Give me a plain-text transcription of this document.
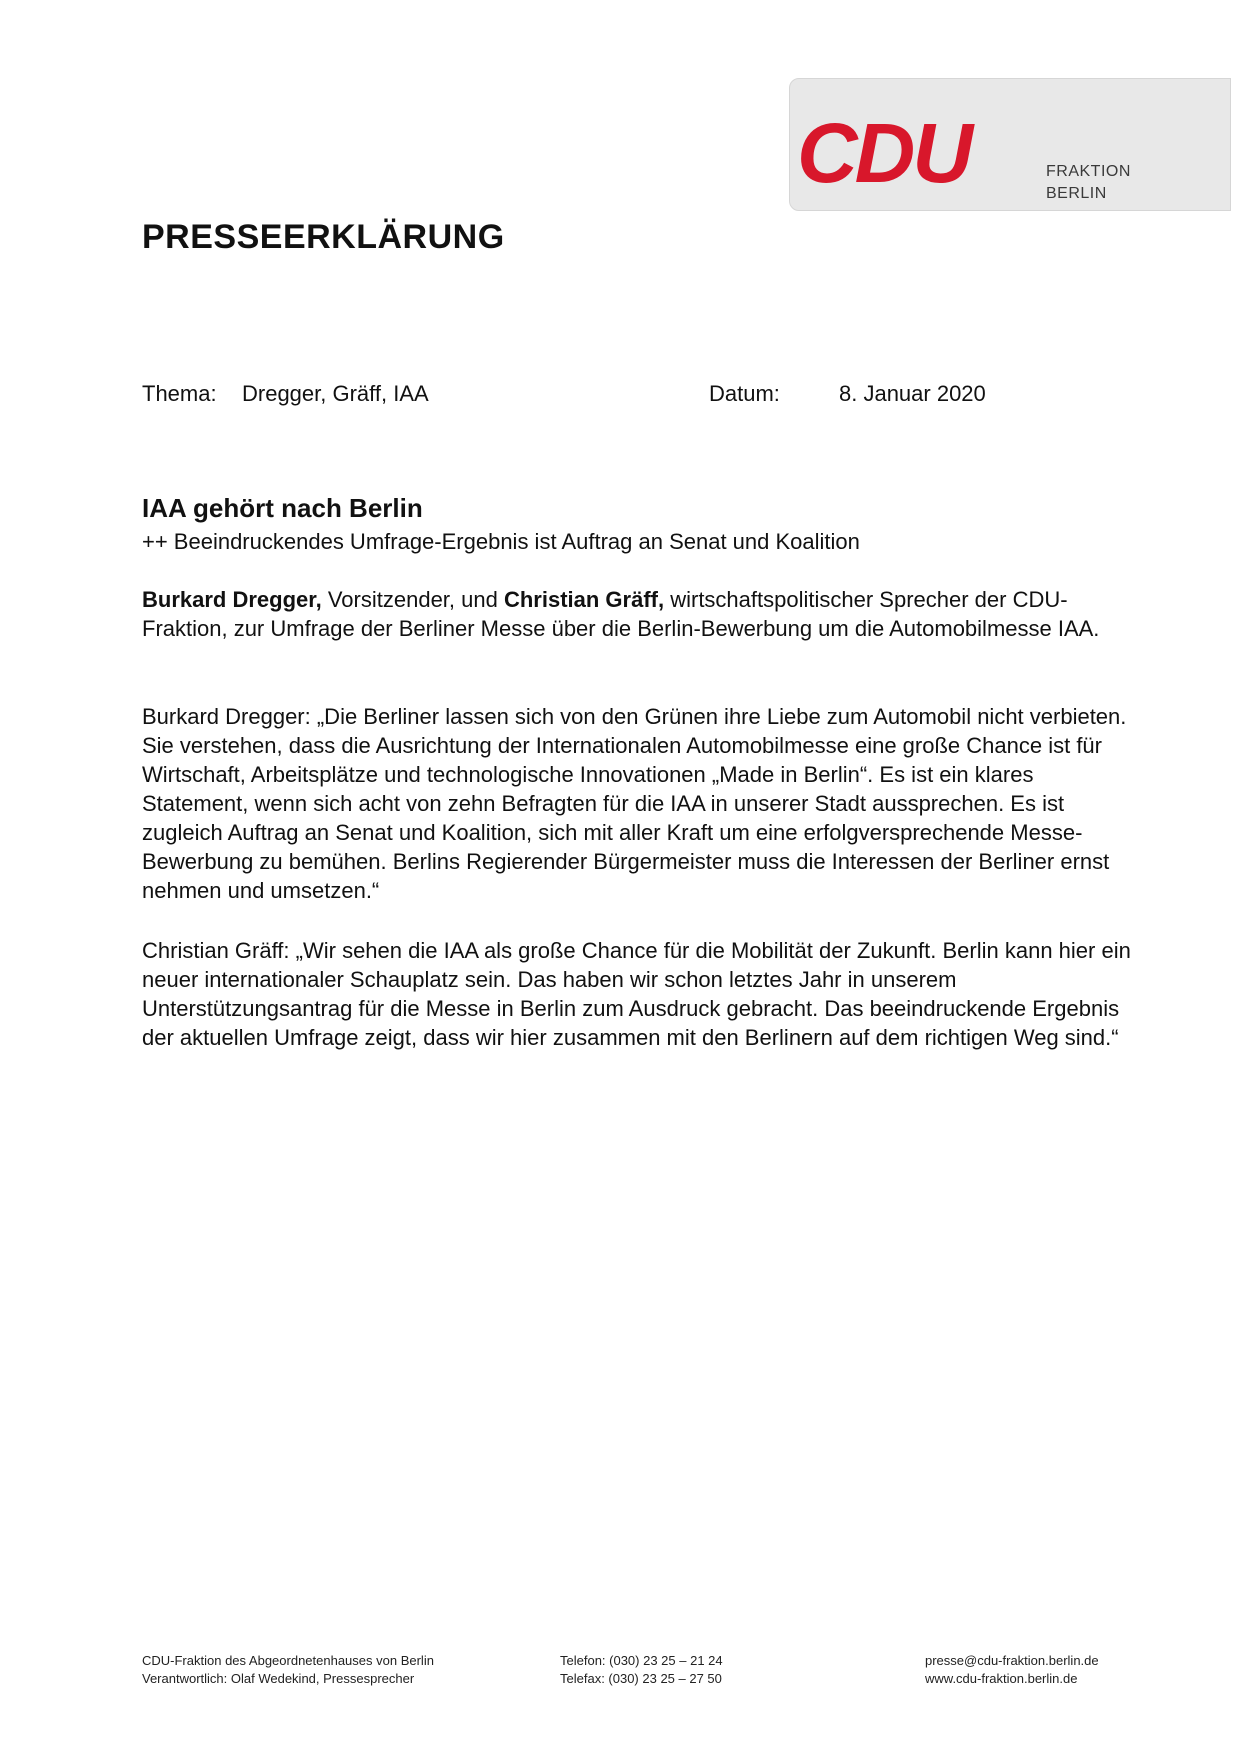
CDU	FRAKTION
BERLIN
PRESSEERKLÄRUNG
Thema: Dregger, Gräff, IAA	Datum:	8. Januar 2020
IAA gehört nach Berlin
++ Beeindruckendes Umfrage-Ergebnis ist Auftrag an Senat und Koalition

Burkard Dregger, Vorsitzender, und Christian Gräff, wirtschaftspolitischer Sprecher der CDU-Fraktion, zur Umfrage der Berliner Messe über die Berlin-Bewerbung um die Automobilmesse IAA.

Burkard Dregger: „Die Berliner lassen sich von den Grünen ihre Liebe zum Automobil nicht verbieten. Sie verstehen, dass die Ausrichtung der Internationalen Automobilmesse eine große Chance ist für Wirtschaft, Arbeitsplätze und technologische Innovationen „Made in Berlin“. Es ist ein klares Statement, wenn sich acht von zehn Befragten für die IAA in unserer Stadt aussprechen. Es ist zugleich Auftrag an Senat und Koalition, sich mit aller Kraft um eine erfolgversprechende Messe-Bewerbung zu bemühen. Berlins Regierender Bürgermeister muss die Interessen der Berliner ernst nehmen und umsetzen.“

Christian Gräff: „Wir sehen die IAA als große Chance für die Mobilität der Zukunft. Berlin kann hier ein neuer internationaler Schauplatz sein. Das haben wir schon letztes Jahr in unserem Unterstützungsantrag für die Messe in Berlin zum Ausdruck gebracht. Das beeindruckende Ergebnis der aktuellen Umfrage zeigt, dass wir hier zusammen mit den Berlinern auf dem richtigen Weg sind.“

CDU-Fraktion des Abgeordnetenhauses von Berlin
Verantwortlich: Olaf Wedekind, Pressesprecher
Telefon: (030) 23 25 – 21 24
Telefax: (030) 23 25 – 27 50
presse@cdu-fraktion.berlin.de
www.cdu-fraktion.berlin.de
